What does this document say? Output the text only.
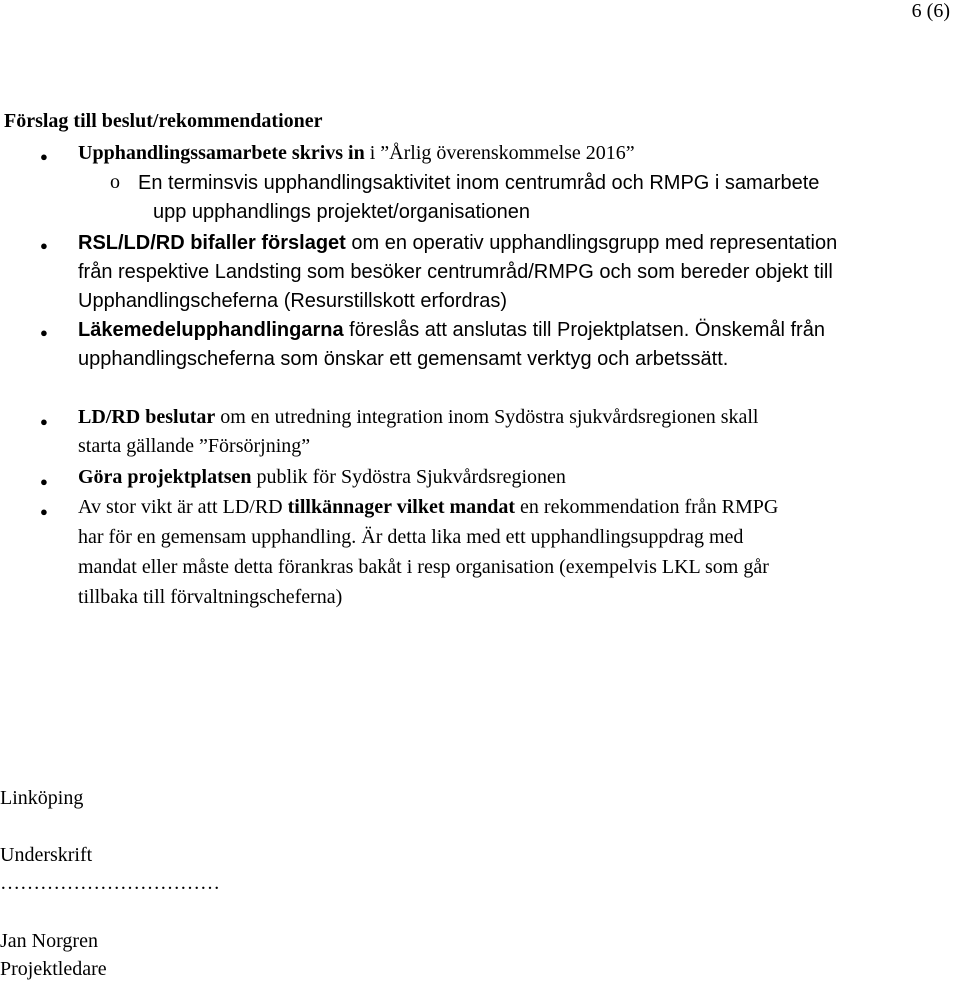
6 (6)
Förslag till beslut/rekommendationer
● Upphandlingssamarbete skrivs in i ”Årlig överenskommelse 2016”
o En terminsvis upphandlingsaktivitet inom centrumråd och RMPG i samarbete
upp upphandlings projektet/organisationen
● RSL/LD/RD bifaller förslaget om en operativ upphandlingsgrupp med representation
från respektive Landsting som besöker centrumråd/RMPG och som bereder objekt till
Upphandlingscheferna (Resurstillskott erfordras)
● Läkemedelupphandlingarna föreslås att anslutas till Projektplatsen. Önskemål från
upphandlingscheferna som önskar ett gemensamt verktyg och arbetssätt.
● LD/RD beslutar om en utredning integration inom Sydöstra sjukvårdsregionen skall
starta gällande ”Försörjning”
● Göra projektplatsen publik för Sydöstra Sjukvårdsregionen
● Av stor vikt är att LD/RD tillkännager vilket mandat en rekommendation från RMPG
har för en gemensam upphandling. Är detta lika med ett upphandlingsuppdrag med
mandat eller måste detta förankras bakåt i resp organisation (exempelvis LKL som går
tillbaka till förvaltningscheferna)
Linköping
Underskrift
……………………………
Jan Norgren
Projektledare
